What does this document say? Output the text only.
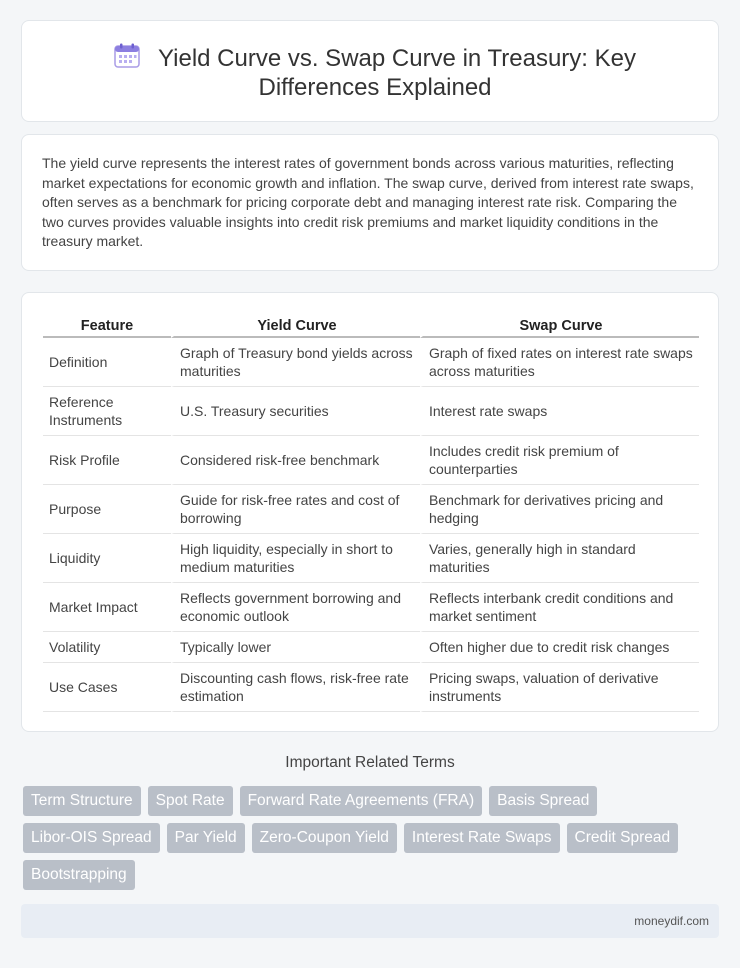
Yield Curve vs. Swap Curve in Treasury: Key Differences Explained

The yield curve represents the interest rates of government bonds across various maturities, reflecting market expectations for economic growth and inflation. The swap curve, derived from interest rate swaps, often serves as a benchmark for pricing corporate debt and managing interest rate risk. Comparing the two curves provides valuable insights into credit risk premiums and market liquidity conditions in the treasury market.

Feature	Yield Curve	Swap Curve
Definition	Graph of Treasury bond yields across maturities	Graph of fixed rates on interest rate swaps across maturities
Reference Instruments	U.S. Treasury securities	Interest rate swaps
Risk Profile	Considered risk-free benchmark	Includes credit risk premium of counterparties
Purpose	Guide for risk-free rates and cost of borrowing	Benchmark for derivatives pricing and hedging
Liquidity	High liquidity, especially in short to medium maturities	Varies, generally high in standard maturities
Market Impact	Reflects government borrowing and economic outlook	Reflects interbank credit conditions and market sentiment
Volatility	Typically lower	Often higher due to credit risk changes
Use Cases	Discounting cash flows, risk-free rate estimation	Pricing swaps, valuation of derivative instruments
Important Related Terms
Term Structure	Spot Rate	Forward Rate Agreements (FRA)	Basis Spread
Libor-OIS Spread	Par Yield	Zero-Coupon Yield	Interest Rate Swaps	Credit Spread
Bootstrapping
moneydif.com
